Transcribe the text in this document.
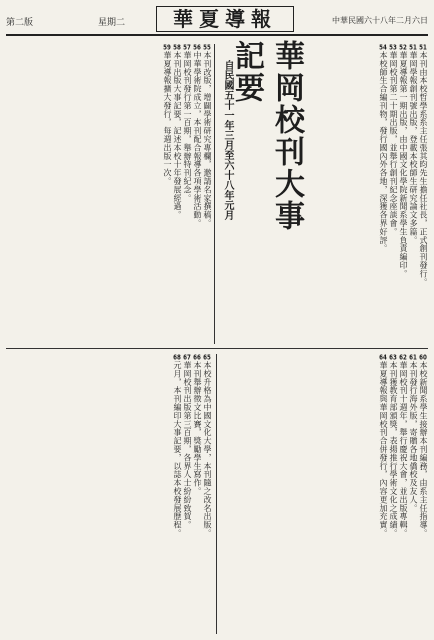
第二版	星期二	華夏導報	中華民國六十八年二月六日
華岡校刊大事記要
自民國五十一年三月至六十八年元月

51本刊由本校哲學系系主任張其昀先生擔任社長，正式創刊發行。

51華岡學報創刊號出版，登載本校師生研究論文多篇。

52華夏導報第一期出版，由中國文化學院新聞系學生負責編印。

53華岡校刊第二十期出版，並舉行創刊紀念座談會。

54本校師生合編刊物，發行國內外各地，深獲各界好評。

55本刊改版，增闢學術研究專欄，邀請名家撰稿。

56中華學術院成立，本刊配合報導各項學術活動。

57華岡校刊發行第一百期，舉辦特刊紀念。

58本刊出版大事記要，記述本校十年發展經過。

59華夏導報擴大發行，每週出版一次。

60本校新聞系學生接辦本刊編務，由系主任指導。

61本刊發行海外版，寄贈各地僑校及友人。

62華岡校刊十週年，舉行慶祝大會，並出版專輯。

63本刊獲教育部頒獎，表揚推行學術文化之成績。

64華夏導報與華岡校刊合併發行，內容更加充實。

65本校升格為中國文化大學，本刊隨之改名出版。

66本刊舉辦徵文比賽，獎勵學生寫作。

67華岡校刊出版第三百期，各界人士紛紛致賀。

68元月，本刊編印大事記要，以誌本校發展歷程。
